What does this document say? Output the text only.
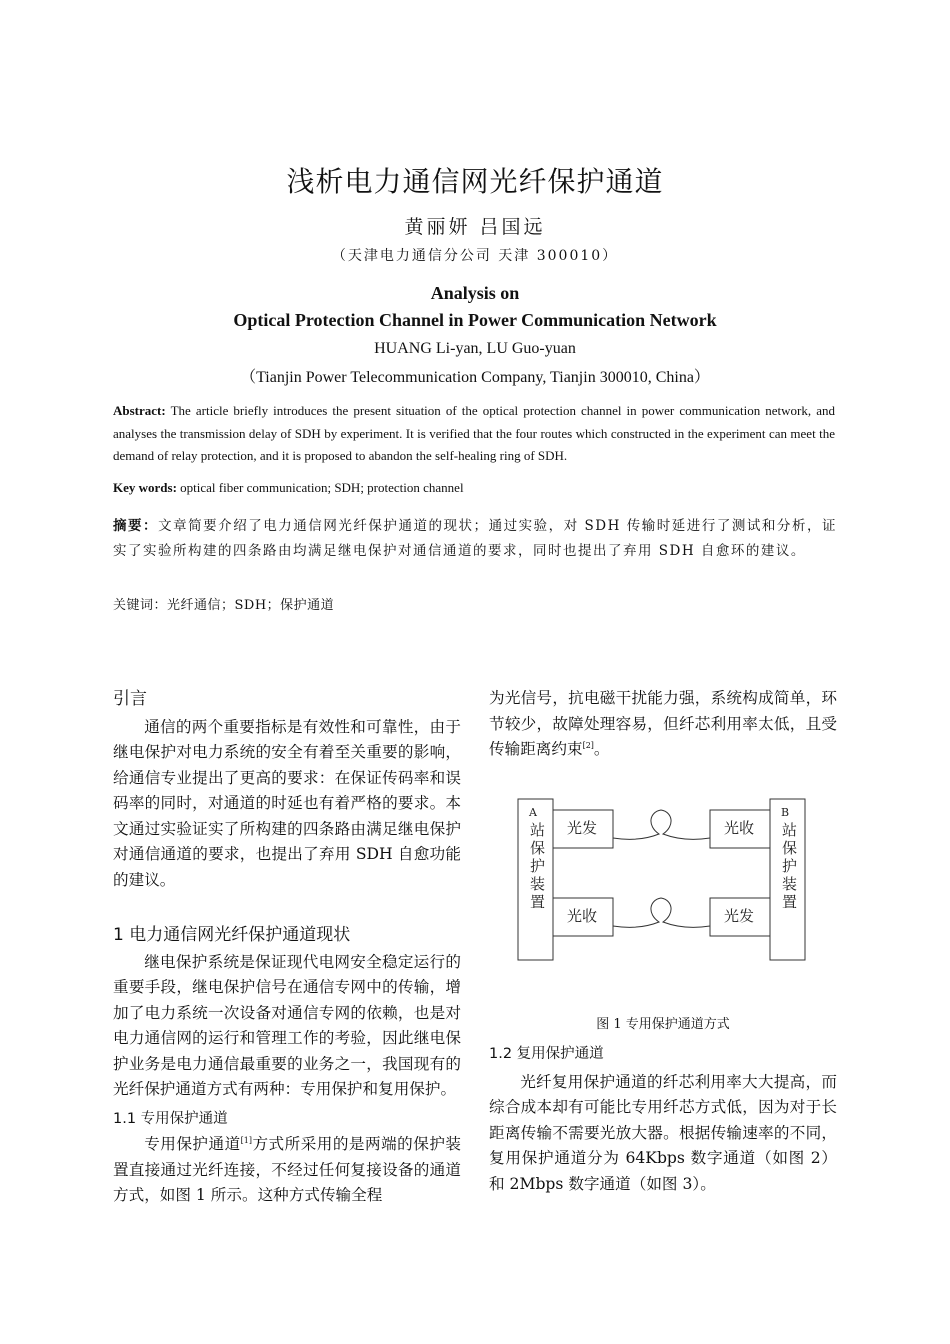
浅析电力通信网光纤保护通道
黄丽妍 吕国远
（天津电力通信分公司 天津 300010）
Analysis on
Optical Protection Channel in Power Communication Network
HUANG Li-yan, LU Guo-yuan
（Tianjin Power Telecommunication Company, Tianjin 300010, China）
Abstract: The article briefly introduces the present situation of the optical protection channel in power communication network, and analyses the transmission delay of SDH by experiment. It is verified that the four routes which constructed in the experiment can meet the demand of relay protection, and it is proposed to abandon the self-healing ring of SDH.
Key words: optical fiber communication; SDH; protection channel
摘要：文章简要介绍了电力通信网光纤保护通道的现状；通过实验，对 SDH 传输时延进行了测试和分析，证实了实验所构建的四条路由均满足继电保护对通信通道的要求，同时也提出了弃用 SDH 自愈环的建议。
关键词：光纤通信；SDH；保护通道

引言

通信的两个重要指标是有效性和可靠性，由于继电保护对电力系统的安全有着至关重要的影响，给通信专业提出了更高的要求：在保证传码率和误码率的同时，对通道的时延也有着严格的要求。本文通过实验证实了所构建的四条路由满足继电保护对通信通道的要求，也提出了弃用 SDH 自愈功能的建议。

1 电力通信网光纤保护通道现状

继电保护系统是保证现代电网安全稳定运行的重要手段，继电保护信号在通信专网中的传输，增加了电力系统一次设备对通信专网的依赖，也是对电力通信网的运行和管理工作的考验，因此继电保护业务是电力通信最重要的业务之一，我国现有的光纤保护通道方式有两种：专用保护和复用保护。

1.1 专用保护通道

专用保护通道[1]方式所采用的是两端的保护装置直接通过光纤连接，不经过任何复接设备的通道方式，如图 1 所示。这种方式传输全程

为光信号，抗电磁干扰能力强，系统构成简单，环节较少，故障处理容易，但纤芯利用率太低，且受传输距离约束[2]。

A	B
站
保
护
装
置
站
保
护
装
置
光发	光收
光收	光发
图 1 专用保护通道方式

1.2 复用保护通道

光纤复用保护通道的纤芯利用率大大提高，而综合成本却有可能比专用纤芯方式低，因为对于长距离传输不需要光放大器。根据传输速率的不同，复用保护通道分为 64Kbps 数字通道（如图 2）和 2Mbps 数字通道（如图 3）。
